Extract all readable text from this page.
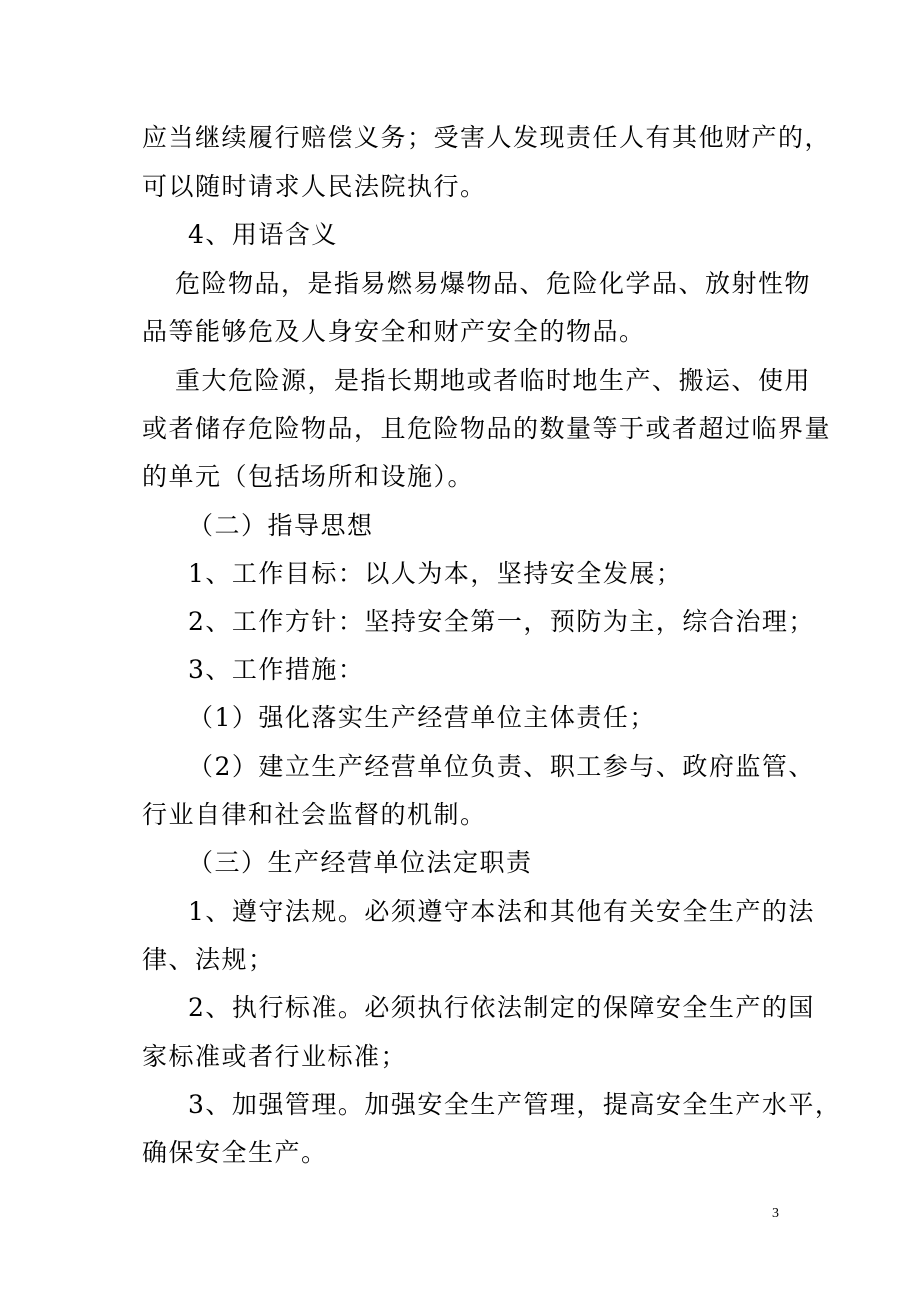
应当继续履行赔偿义务；受害人发现责任人有其他财产的，
可以随时请求人民法院执行。
4、用语含义
危险物品，是指易燃易爆物品、危险化学品、放射性物
品等能够危及人身安全和财产安全的物品。
重大危险源，是指长期地或者临时地生产、搬运、使用
或者储存危险物品，且危险物品的数量等于或者超过临界量
的单元（包括场所和设施）。
（二）指导思想
1、工作目标：以人为本，坚持安全发展；
2、工作方针：坚持安全第一，预防为主，综合治理；
3、工作措施：
（1）强化落实生产经营单位主体责任；
（2）建立生产经营单位负责、职工参与、政府监管、
行业自律和社会监督的机制。
（三）生产经营单位法定职责
1、遵守法规。必须遵守本法和其他有关安全生产的法
律、法规；
2、执行标准。必须执行依法制定的保障安全生产的国
家标准或者行业标准；
3、加强管理。加强安全生产管理，提高安全生产水平，
确保安全生产。
3
